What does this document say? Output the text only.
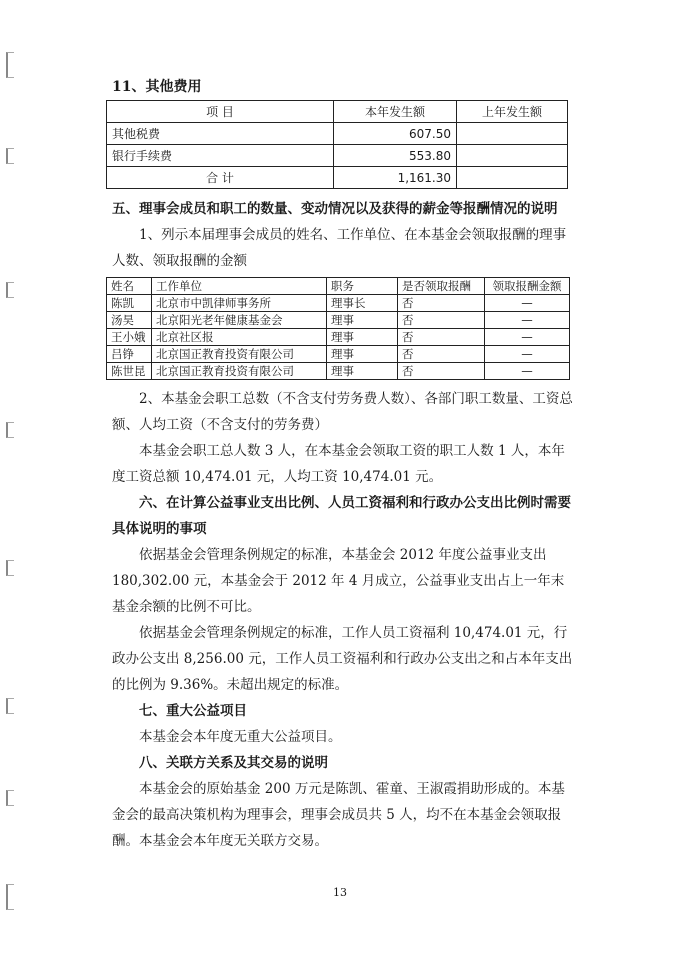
11、其他费用
项 目	本年发生额	上年发生额
其他税费	607.50	
银行手续费	553.80	
合 计	1,161.30	
五、理事会成员和职工的数量、变动情况以及获得的薪金等报酬情况的说明
1、列示本届理事会成员的姓名、工作单位、在本基金会领取报酬的理事人数、领取报酬的金额
姓名	工作单位	职务	是否领取报酬	领取报酬金额
陈凯	北京市中凯律师事务所	理事长	否	—
汤昊	北京阳光老年健康基金会	理事	否	—
王小娥	北京社区报	理事	否	—
吕铮	北京国正教育投资有限公司	理事	否	—
陈世昆	北京国正教育投资有限公司	理事	否	—
2、本基金会职工总数（不含支付劳务费人数）、各部门职工数量、工资总额、人均工资（不含支付的劳务费）
本基金会职工总人数 3 人，在本基金会领取工资的职工人数 1 人，本年度工资总额 10,474.01 元，人均工资 10,474.01 元。
六、在计算公益事业支出比例、人员工资福利和行政办公支出比例时需要具体说明的事项
依据基金会管理条例规定的标准，本基金会 2012 年度公益事业支出 180,302.00 元，本基金会于 2012 年 4 月成立，公益事业支出占上一年末基金余额的比例不可比。
依据基金会管理条例规定的标准，工作人员工资福利 10,474.01 元，行政办公支出 8,256.00 元，工作人员工资福利和行政办公支出之和占本年支出的比例为 9.36%。未超出规定的标准。
七、重大公益项目
本基金会本年度无重大公益项目。
八、关联方关系及其交易的说明
本基金会的原始基金 200 万元是陈凯、霍童、王淑霞捐助形成的。本基金会的最高决策机构为理事会，理事会成员共 5 人，均不在本基金会领取报酬。本基金会本年度无关联方交易。
13
